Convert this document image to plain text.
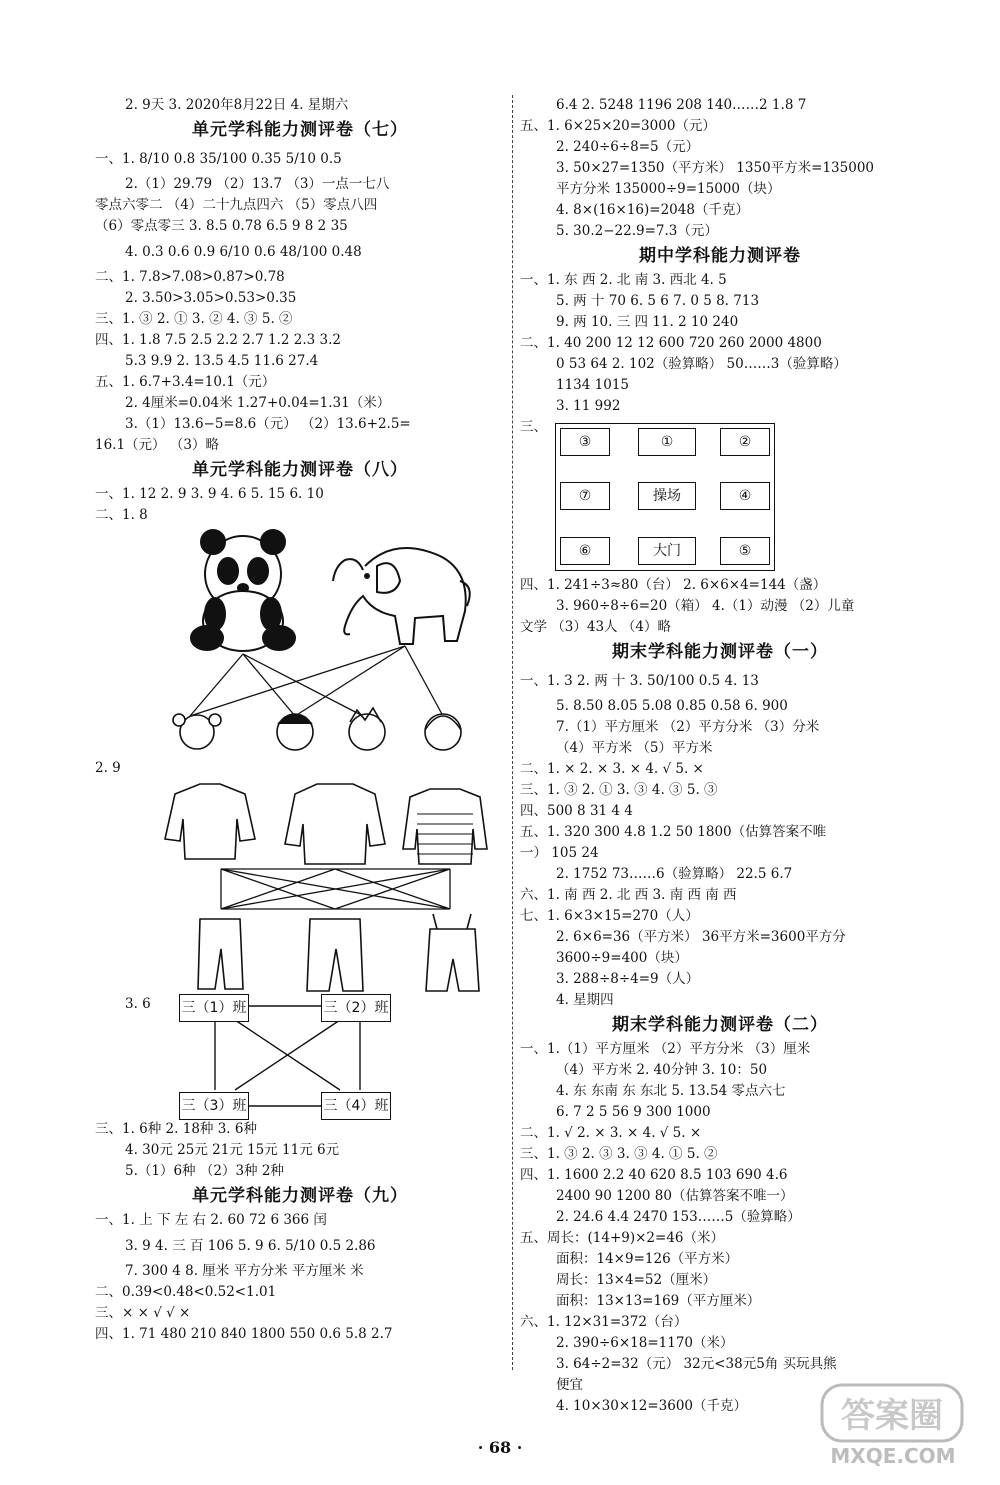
2. 9天 3. 2020年8月22日 4. 星期六
单元学科能力测评卷（七）
一、1. 8/10 0.8 35/100 0.35 5/10 0.5
2.（1）29.79 （2）13.7 （3）一点一七八
零点六零二 （4）二十九点四六 （5）零点八四
（6）零点零三 3. 8.5 0.78 6.5 9 8 2 35
4. 0.3 0.6 0.9 6/10 0.6 48/100 0.48
二、1. 7.8>7.08>0.87>0.78
2. 3.50>3.05>0.53>0.35
三、1. ③ 2. ① 3. ② 4. ③ 5. ②
四、1. 1.8 7.5 2.5 2.2 2.7 1.2 2.3 3.2
5.3 9.9 2. 13.5 4.5 11.6 27.4
五、1. 6.7+3.4=10.1（元）
2. 4厘米=0.04米 1.27+0.04=1.31（米）
3.（1）13.6−5=8.6（元） （2）13.6+2.5=
16.1（元） （3）略
单元学科能力测评卷（八）
一、1. 12 2. 9 3. 9 4. 6 5. 15 6. 10
二、1. 8
2. 9
3. 6 三（1）班	三（2）班
三（3）班	三（4）班
三、1. 6种 2. 18种 3. 6种
4. 30元 25元 21元 15元 11元 6元
5.（1）6种 （2）3种 2种
单元学科能力测评卷（九）
一、1. 上 下 左 右 2. 60 72 6 366 闰
3. 9 4. 三 百 106 5. 9 6. 5/10 0.5 2.86
7. 300 4 8. 厘米 平方分米 平方厘米 米
二、0.39<0.48<0.52<1.01
三、× × √ √ ×
四、1. 71 480 210 840 1800 550 0.6 5.8 2.7
6.4 2. 5248 1196 208 140……2 1.8 7
五、1. 6×25×20=3000（元）
2. 240÷6÷8=5（元）
3. 50×27=1350（平方米） 1350平方米=135000
平方分米 135000÷9=15000（块）
4. 8×(16×16)=2048（千克）
5. 30.2−22.9=7.3（元）
期中学科能力测评卷
一、1. 东 西 2. 北 南 3. 西北 4. 5
5. 两 十 70 6. 5 6 7. 0 5 8. 713
9. 两 10. 三 四 11. 2 10 240
二、1. 40 200 12 12 600 720 260 2000 4800
0 53 64 2. 102（验算略） 50……3（验算略）
1134 1015
3. 11 992
三、
③	①	②
⑦	操场	④
⑥	大门	⑤
四、1. 241÷3≈80（台） 2. 6×6×4=144（盏）
3. 960÷8÷6=20（箱） 4.（1）动漫 （2）儿童
文学 （3）43人 （4）略
期末学科能力测评卷（一）
一、1. 3 2. 两 十 3. 50/100 0.5 4. 13
5. 8.50 8.05 5.08 0.85 0.58 6. 900
7.（1）平方厘米 （2）平方分米 （3）分米
（4）平方米 （5）平方米
二、1. × 2. × 3. × 4. √ 5. ×
三、1. ③ 2. ① 3. ③ 4. ③ 5. ③
四、500 8 31 4 4
五、1. 320 300 4.8 1.2 50 1800（估算答案不唯
一） 105 24
2. 1752 73……6（验算略） 22.5 6.7
六、1. 南 西 2. 北 西 3. 南 西 南 西
七、1. 6×3×15=270（人）
2. 6×6=36（平方米） 36平方米=3600平方分
3600÷9=400（块）
3. 288÷8÷4=9（人）
4. 星期四
期末学科能力测评卷（二）
一、1.（1）平方厘米 （2）平方分米 （3）厘米
（4）平方米 2. 40分钟 3. 10：50
4. 东 东南 东 东北 5. 13.54 零点六七
6. 7 2 5 56 9 300 1000
二、1. √ 2. × 3. × 4. √ 5. ×
三、1. ③ 2. ③ 3. ③ 4. ① 5. ②
四、1. 1600 2.2 40 620 8.5 103 690 4.6
2400 90 1200 80（估算答案不唯一）
2. 24.6 4.4 2470 153……5（验算略）
五、周长：(14+9)×2=46（米）
面积：14×9=126（平方米）
周长：13×4=52（厘米）
面积：13×13=169（平方厘米）
六、1. 12×31=372（台）
2. 390÷6×18=1170（米）
3. 64÷2=32（元） 32元<38元5角 买玩具熊
便宜
4. 10×30×12=3600（千克）
· 68 ·
答案圈
MXQE.COM
